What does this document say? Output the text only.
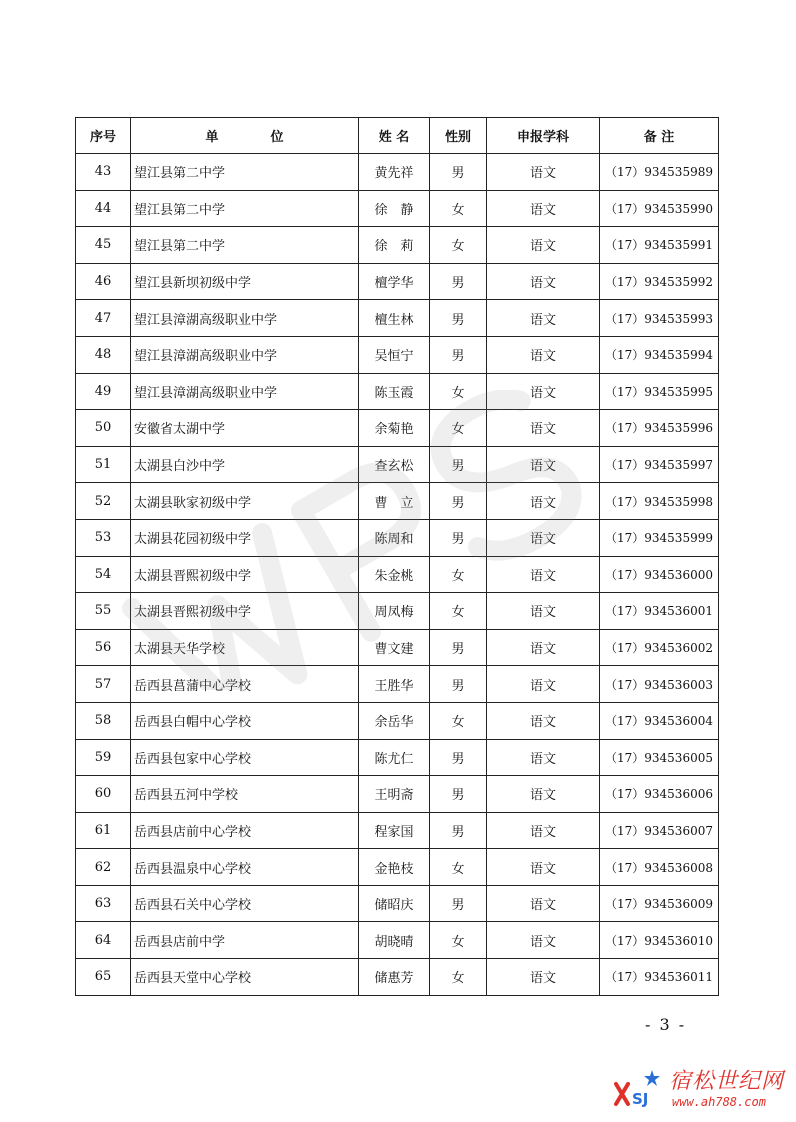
序号	单　　　　位	姓 名	性别	申报学科	备 注
43	望江县第二中学	黄先祥	男	语文	（17）934535989
44	望江县第二中学	徐　静	女	语文	（17）934535990
45	望江县第二中学	徐　莉	女	语文	（17）934535991
46	望江县新坝初级中学	檀学华	男	语文	（17）934535992
47	望江县漳湖高级职业中学	檀生林	男	语文	（17）934535993
48	望江县漳湖高级职业中学	吴恒宁	男	语文	（17）934535994
49	望江县漳湖高级职业中学	陈玉霞	女	语文	（17）934535995
50	安徽省太湖中学	余菊艳	女	语文	（17）934535996
51	太湖县白沙中学	查玄松	男	语文	（17）934535997
52	太湖县耿家初级中学	曹　立	男	语文	（17）934535998
53	太湖县花园初级中学	陈周和	男	语文	（17）934535999
54	太湖县晋熙初级中学	朱金桃	女	语文	（17）934536000
55	太湖县晋熙初级中学	周凤梅	女	语文	（17）934536001
56	太湖县天华学校	曹文建	男	语文	（17）934536002
57	岳西县菖蒲中心学校	王胜华	男	语文	（17）934536003
58	岳西县白帽中心学校	余岳华	女	语文	（17）934536004
59	岳西县包家中心学校	陈尤仁	男	语文	（17）934536005
60	岳西县五河中学校	王明斋	男	语文	（17）934536006
61	岳西县店前中心学校	程家国	男	语文	（17）934536007
62	岳西县温泉中心学校	金艳枝	女	语文	（17）934536008
63	岳西县石关中心学校	储昭庆	男	语文	（17）934536009
64	岳西县店前中学	胡晓晴	女	语文	（17）934536010
65	岳西县天堂中心学校	储惠芳	女	语文	（17）934536011
- 3 -
SJ
宿松世纪网
www.ah788.com
